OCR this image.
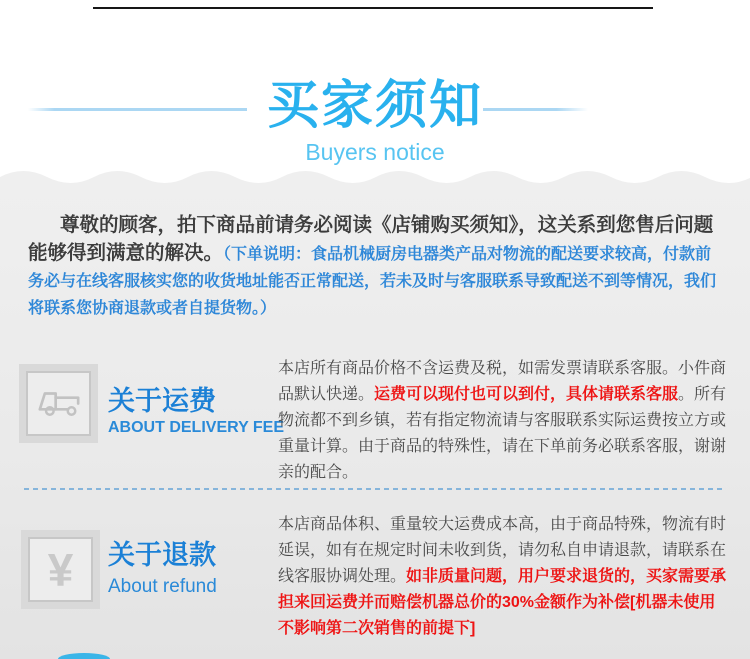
买家须知
Buyers notice
尊敬的顾客，拍下商品前请务必阅读《店铺购买须知》，这关系到您售后问题能够得到满意的解决。（下单说明：食品机械厨房电器类产品对物流的配送要求较高，付款前务必与在线客服核实您的收货地址能否正常配送，若未及时与客服联系导致配送不到等情况，我们将联系您协商退款或者自提货物。）
关于运费
ABOUT DELIVERY FEE
本店所有商品价格不含运费及税，如需发票请联系客服。小件商品默认快递。运费可以现付也可以到付，具体请联系客服。所有物流都不到乡镇，若有指定物流请与客服联系实际运费按立方或重量计算。由于商品的特殊性，请在下单前务必联系客服，谢谢亲的配合。
¥ 关于退款
About refund
本店商品体积、重量较大运费成本高，由于商品特殊，物流有时延误，如有在规定时间未收到货，请勿私自申请退款，请联系在线客服协调处理。如非质量问题，用户要求退货的，买家需要承担来回运费并而赔偿机器总价的30%金额作为补偿[机器未使用不影响第二次销售的前提下]
